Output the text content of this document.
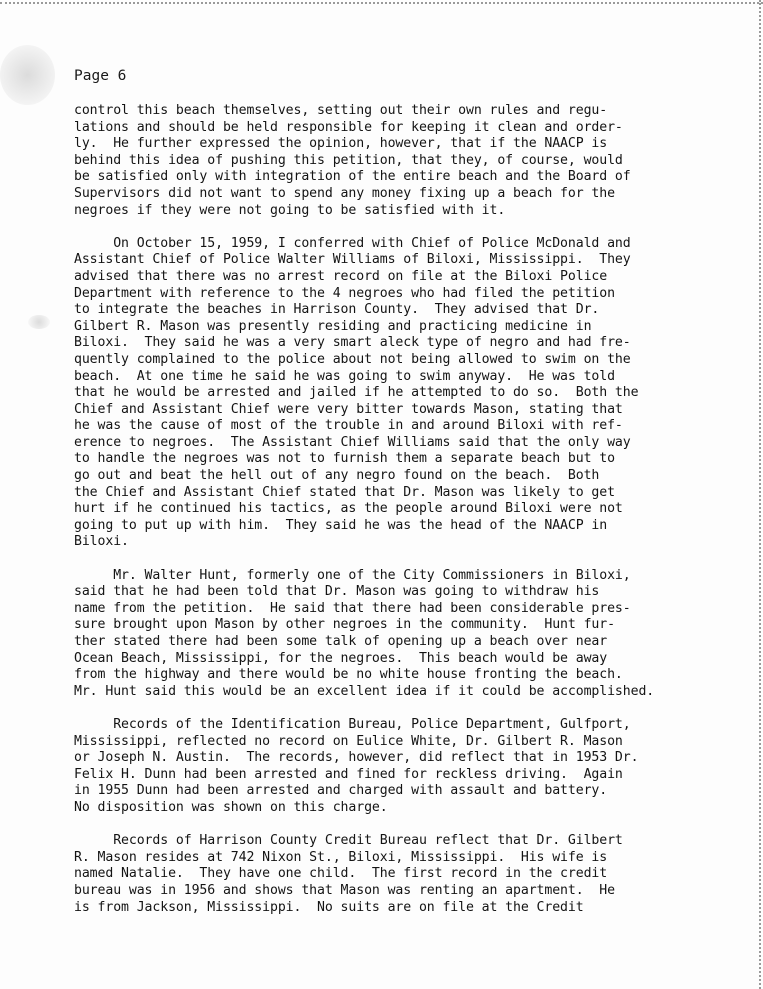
Page 6
control this beach themselves, setting out their own rules and regu-
lations and should be held responsible for keeping it clean and order-
ly.  He further expressed the opinion, however, that if the NAACP is
behind this idea of pushing this petition, that they, of course, would
be satisfied only with integration of the entire beach and the Board of
Supervisors did not want to spend any money fixing up a beach for the
negroes if they were not going to be satisfied with it.
On October 15, 1959, I conferred with Chief of Police McDonald and
Assistant Chief of Police Walter Williams of Biloxi, Mississippi.  They
advised that there was no arrest record on file at the Biloxi Police
Department with reference to the 4 negroes who had filed the petition
to integrate the beaches in Harrison County.  They advised that Dr.
Gilbert R. Mason was presently residing and practicing medicine in
Biloxi.  They said he was a very smart aleck type of negro and had fre-
quently complained to the police about not being allowed to swim on the
beach.  At one time he said he was going to swim anyway.  He was told
that he would be arrested and jailed if he attempted to do so.  Both the
Chief and Assistant Chief were very bitter towards Mason, stating that
he was the cause of most of the trouble in and around Biloxi with ref-
erence to negroes.  The Assistant Chief Williams said that the only way
to handle the negroes was not to furnish them a separate beach but to
go out and beat the hell out of any negro found on the beach.  Both
the Chief and Assistant Chief stated that Dr. Mason was likely to get
hurt if he continued his tactics, as the people around Biloxi were not
going to put up with him.  They said he was the head of the NAACP in
Biloxi.
Mr. Walter Hunt, formerly one of the City Commissioners in Biloxi,
said that he had been told that Dr. Mason was going to withdraw his
name from the petition.  He said that there had been considerable pres-
sure brought upon Mason by other negroes in the community.  Hunt fur-
ther stated there had been some talk of opening up a beach over near
Ocean Beach, Mississippi, for the negroes.  This beach would be away
from the highway and there would be no white house fronting the beach.
Mr. Hunt said this would be an excellent idea if it could be accomplished.
Records of the Identification Bureau, Police Department, Gulfport,
Mississippi, reflected no record on Eulice White, Dr. Gilbert R. Mason
or Joseph N. Austin.  The records, however, did reflect that in 1953 Dr.
Felix H. Dunn had been arrested and fined for reckless driving.  Again
in 1955 Dunn had been arrested and charged with assault and battery.
No disposition was shown on this charge.
Records of Harrison County Credit Bureau reflect that Dr. Gilbert
R. Mason resides at 742 Nixon St., Biloxi, Mississippi.  His wife is
named Natalie.  They have one child.  The first record in the credit
bureau was in 1956 and shows that Mason was renting an apartment.  He
is from Jackson, Mississippi.  No suits are on file at the Credit
